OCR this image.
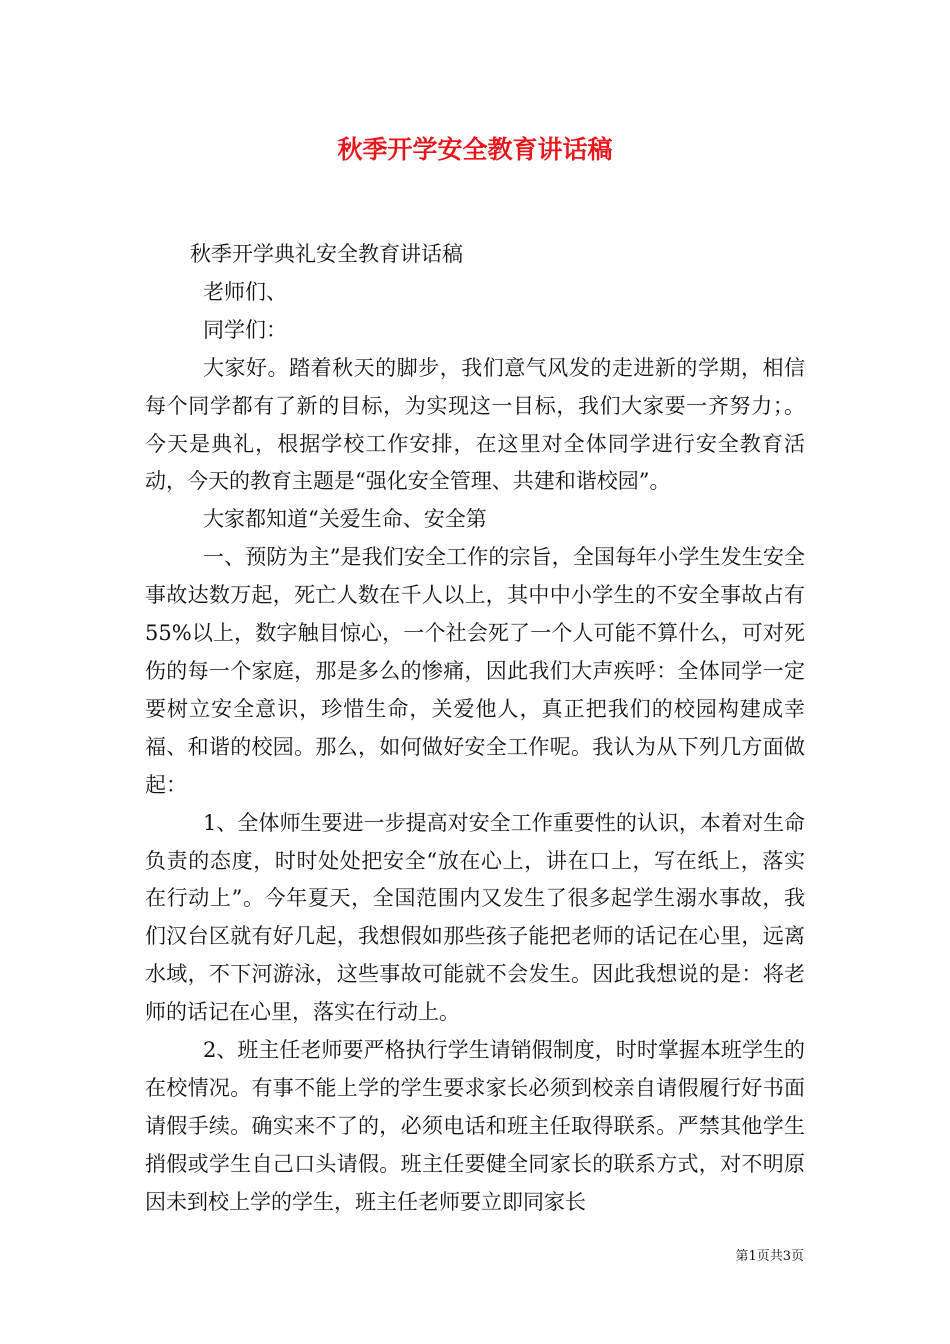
秋季开学安全教育讲话稿

秋季开学典礼安全教育讲话稿

老师们、

同学们：

大家好。踏着秋天的脚步，我们意气风发的走进新的学期，相信每个同学都有了新的目标，为实现这一目标，我们大家要一齐努力；。今天是典礼，根据学校工作安排，在这里对全体同学进行安全教育活动，今天的教育主题是“强化安全管理、共建和谐校园”。

大家都知道“关爱生命、安全第

一、预防为主”是我们安全工作的宗旨，全国每年小学生发生安全事故达数万起，死亡人数在千人以上，其中中小学生的不安全事故占有55%以上，数字触目惊心，一个社会死了一个人可能不算什么，可对死伤的每一个家庭，那是多么的惨痛，因此我们大声疾呼：全体同学一定要树立安全意识，珍惜生命，关爱他人，真正把我们的校园构建成幸福、和谐的校园。那么，如何做好安全工作呢。我认为从下列几方面做起：

1、全体师生要进一步提高对安全工作重要性的认识，本着对生命负责的态度，时时处处把安全“放在心上，讲在口上，写在纸上，落实在行动上”。今年夏天，全国范围内又发生了很多起学生溺水事故，我们汉台区就有好几起，我想假如那些孩子能把老师的话记在心里，远离水域，不下河游泳，这些事故可能就不会发生。因此我想说的是：将老师的话记在心里，落实在行动上。

2、班主任老师要严格执行学生请销假制度，时时掌握本班学生的在校情况。有事不能上学的学生要求家长必须到校亲自请假履行好书面请假手续。确实来不了的，必须电话和班主任取得联系。严禁其他学生捎假或学生自己口头请假。班主任要健全同家长的联系方式，对不明原因未到校上学的学生，班主任老师要立即同家长

第1页共3页
